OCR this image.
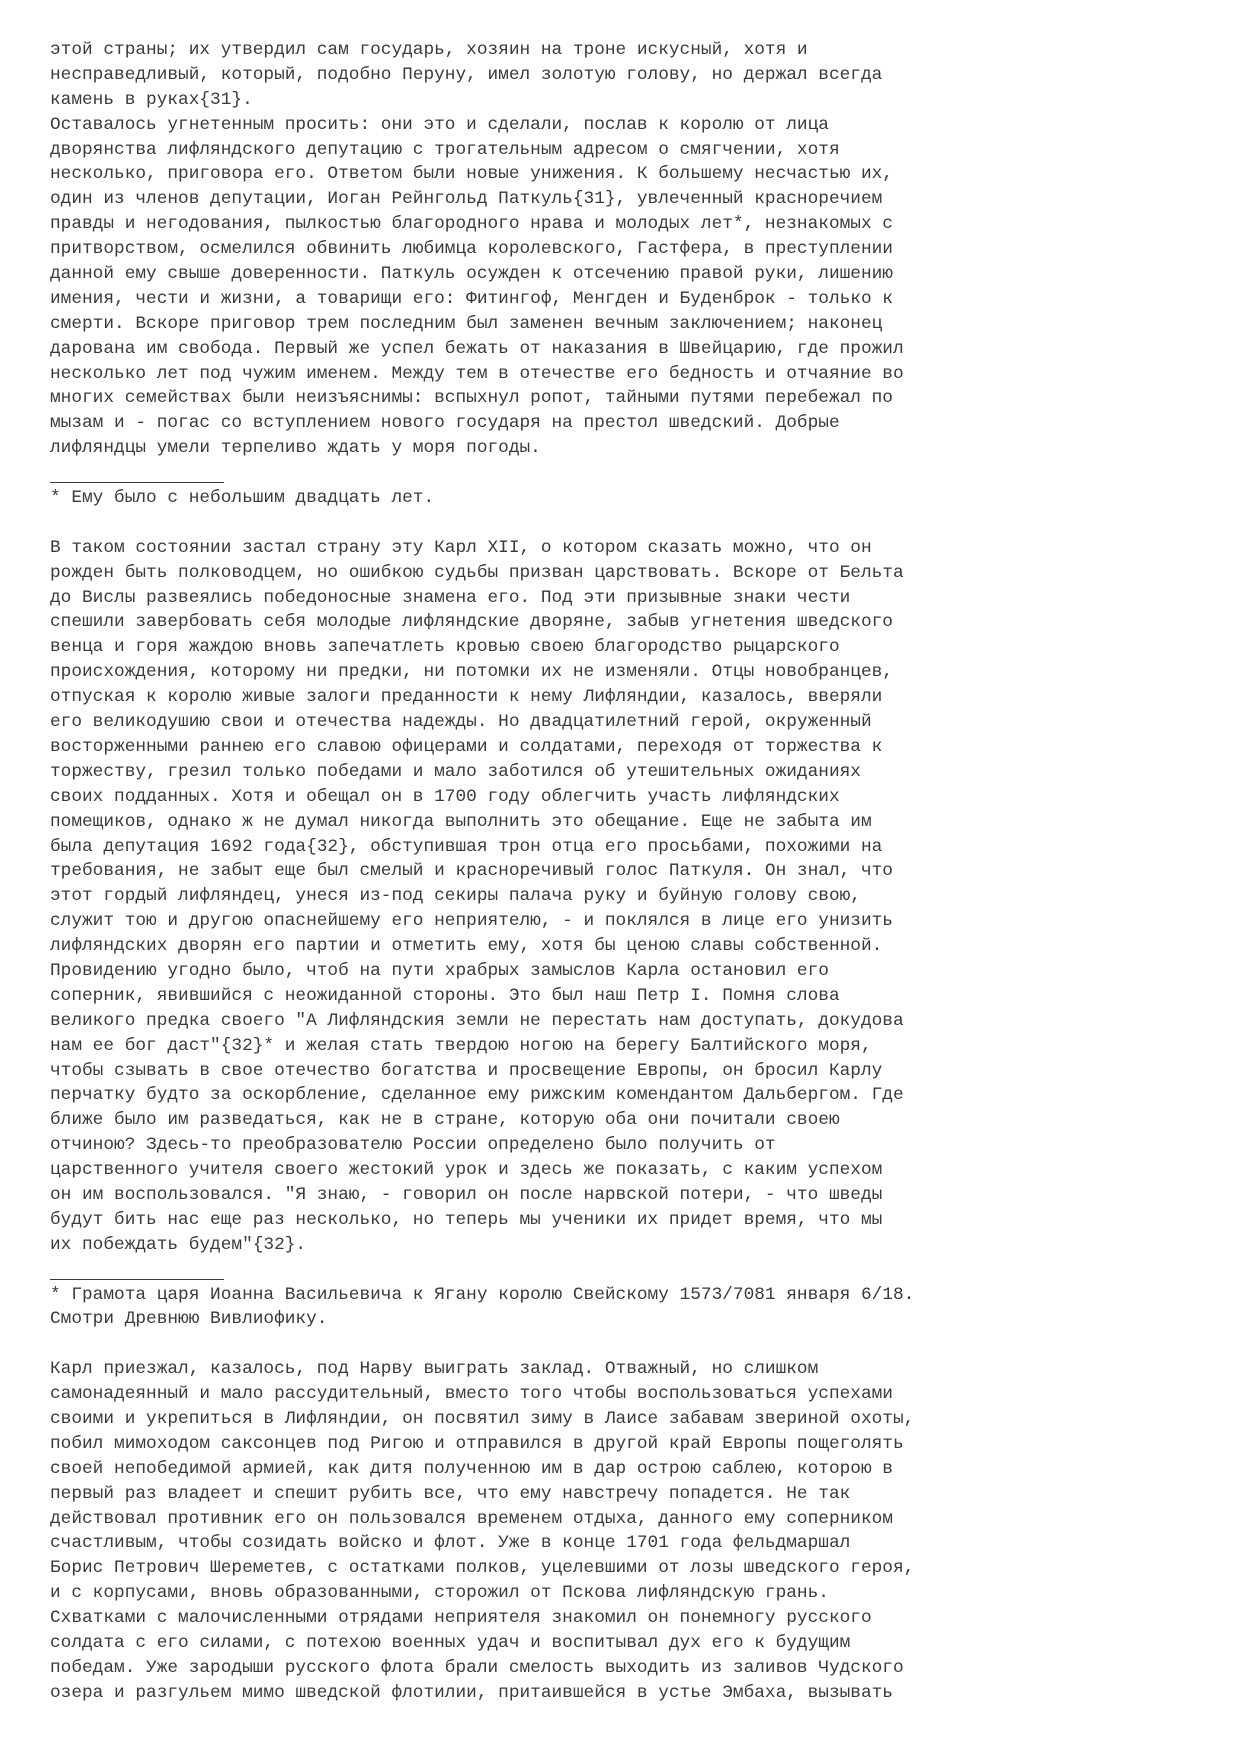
этой страны; их утвердил сам государь, хозяин на троне искусный, хотя и
несправедливый, который, подобно Перуну, имел золотую голову, но держал всегда
камень в руках{31}.
Оставалось угнетенным просить: они это и сделали, послав к королю от лица
дворянства лифляндского депутацию с трогательным адресом о смягчении, хотя
несколько, приговора его. Ответом были новые унижения. К большему несчастью их,
один из членов депутации, Иоган Рейнгольд Паткуль{31}, увлеченный красноречием
правды и негодования, пылкостью благородного нрава и молодых лет*, незнакомых с
притворством, осмелился обвинить любимца королевского, Гастфера, в преступлении
данной ему свыше доверенности. Паткуль осужден к отсечению правой руки, лишению
имения, чести и жизни, а товарищи его: Фитингоф, Менгден и Буденброк - только к
смерти. Вскоре приговор трем последним был заменен вечным заключением; наконец
дарована им свобода. Первый же успел бежать от наказания в Швейцарию, где прожил
несколько лет под чужим именем. Между тем в отечестве его бедность и отчаяние во
многих семействах были неизъяснимы: вспыхнул ропот, тайными путями перебежал по
мызам и - погас со вступлением нового государя на престол шведский. Добрые
лифляндцы умели терпеливо ждать у моря погоды.
* Ему было с небольшим двадцать лет.
В таком состоянии застал страну эту Карл XII, о котором сказать можно, что он
рожден быть полководцем, но ошибкою судьбы призван царствовать. Вскоре от Бельта
до Вислы развеялись победоносные знамена его. Под эти призывные знаки чести
спешили завербовать себя молодые лифляндские дворяне, забыв угнетения шведского
венца и горя жаждою вновь запечатлеть кровью своею благородство рыцарского
происхождения, которому ни предки, ни потомки их не изменяли. Отцы новобранцев,
отпуская к королю живые залоги преданности к нему Лифляндии, казалось, вверяли
его великодушию свои и отечества надежды. Но двадцатилетний герой, окруженный
восторженными раннею его славою офицерами и солдатами, переходя от торжества к
торжеству, грезил только победами и мало заботился об утешительных ожиданиях
своих подданных. Хотя и обещал он в 1700 году облегчить участь лифляндских
помещиков, однако ж не думал никогда выполнить это обещание. Еще не забыта им
была депутация 1692 года{32}, обступившая трон отца его просьбами, похожими на
требования, не забыт еще был смелый и красноречивый голос Паткуля. Он знал, что
этот гордый лифляндец, унеся из-под секиры палача руку и буйную голову свою,
служит тою и другою опаснейшему его неприятелю, - и поклялся в лице его унизить
лифляндских дворян его партии и отметить ему, хотя бы ценою славы собственной.
Провидению угодно было, чтоб на пути храбрых замыслов Карла остановил его
соперник, явившийся с неожиданной стороны. Это был наш Петр I. Помня слова
великого предка своего "А Лифляндския земли не перестать нам доступать, докудова
нам ее бог даст"{32}* и желая стать твердою ногою на берегу Балтийского моря,
чтобы сзывать в свое отечество богатства и просвещение Европы, он бросил Карлу
перчатку будто за оскорбление, сделанное ему рижским комендантом Дальбергом. Где
ближе было им разведаться, как не в стране, которую оба они почитали своею
отчиною? Здесь-то преобразователю России определено было получить от
царственного учителя своего жестокий урок и здесь же показать, с каким успехом
он им воспользовался. "Я знаю, - говорил он после нарвской потери, - что шведы
будут бить нас еще раз несколько, но теперь мы ученики их придет время, что мы
их побеждать будем"{32}.
* Грамота царя Иоанна Васильевича к Ягану королю Свейскому 1573/7081 января 6/18.
Смотри Древнюю Вивлиофику.
Карл приезжал, казалось, под Нарву выиграть заклад. Отважный, но слишком
самонадеянный и мало рассудительный, вместо того чтобы воспользоваться успехами
своими и укрепиться в Лифляндии, он посвятил зиму в Лаисе забавам звериной охоты,
побил мимоходом саксонцев под Ригою и отправился в другой край Европы пощеголять
своей непобедимой армией, как дитя полученною им в дар острою саблею, которою в
первый раз владеет и спешит рубить все, что ему навстречу попадется. Не так
действовал противник его он пользовался временем отдыха, данного ему соперником
счастливым, чтобы созидать войско и флот. Уже в конце 1701 года фельдмаршал
Борис Петрович Шереметев, с остатками полков, уцелевшими от лозы шведского героя,
и с корпусами, вновь образованными, сторожил от Пскова лифляндскую грань.
Схватками с малочисленными отрядами неприятеля знакомил он понемногу русского
солдата с его силами, с потехою военных удач и воспитывал дух его к будущим
победам. Уже зародыши русского флота брали смелость выходить из заливов Чудского
озера и разгульем мимо шведской флотилии, притаившейся в устье Эмбаха, вызывать
